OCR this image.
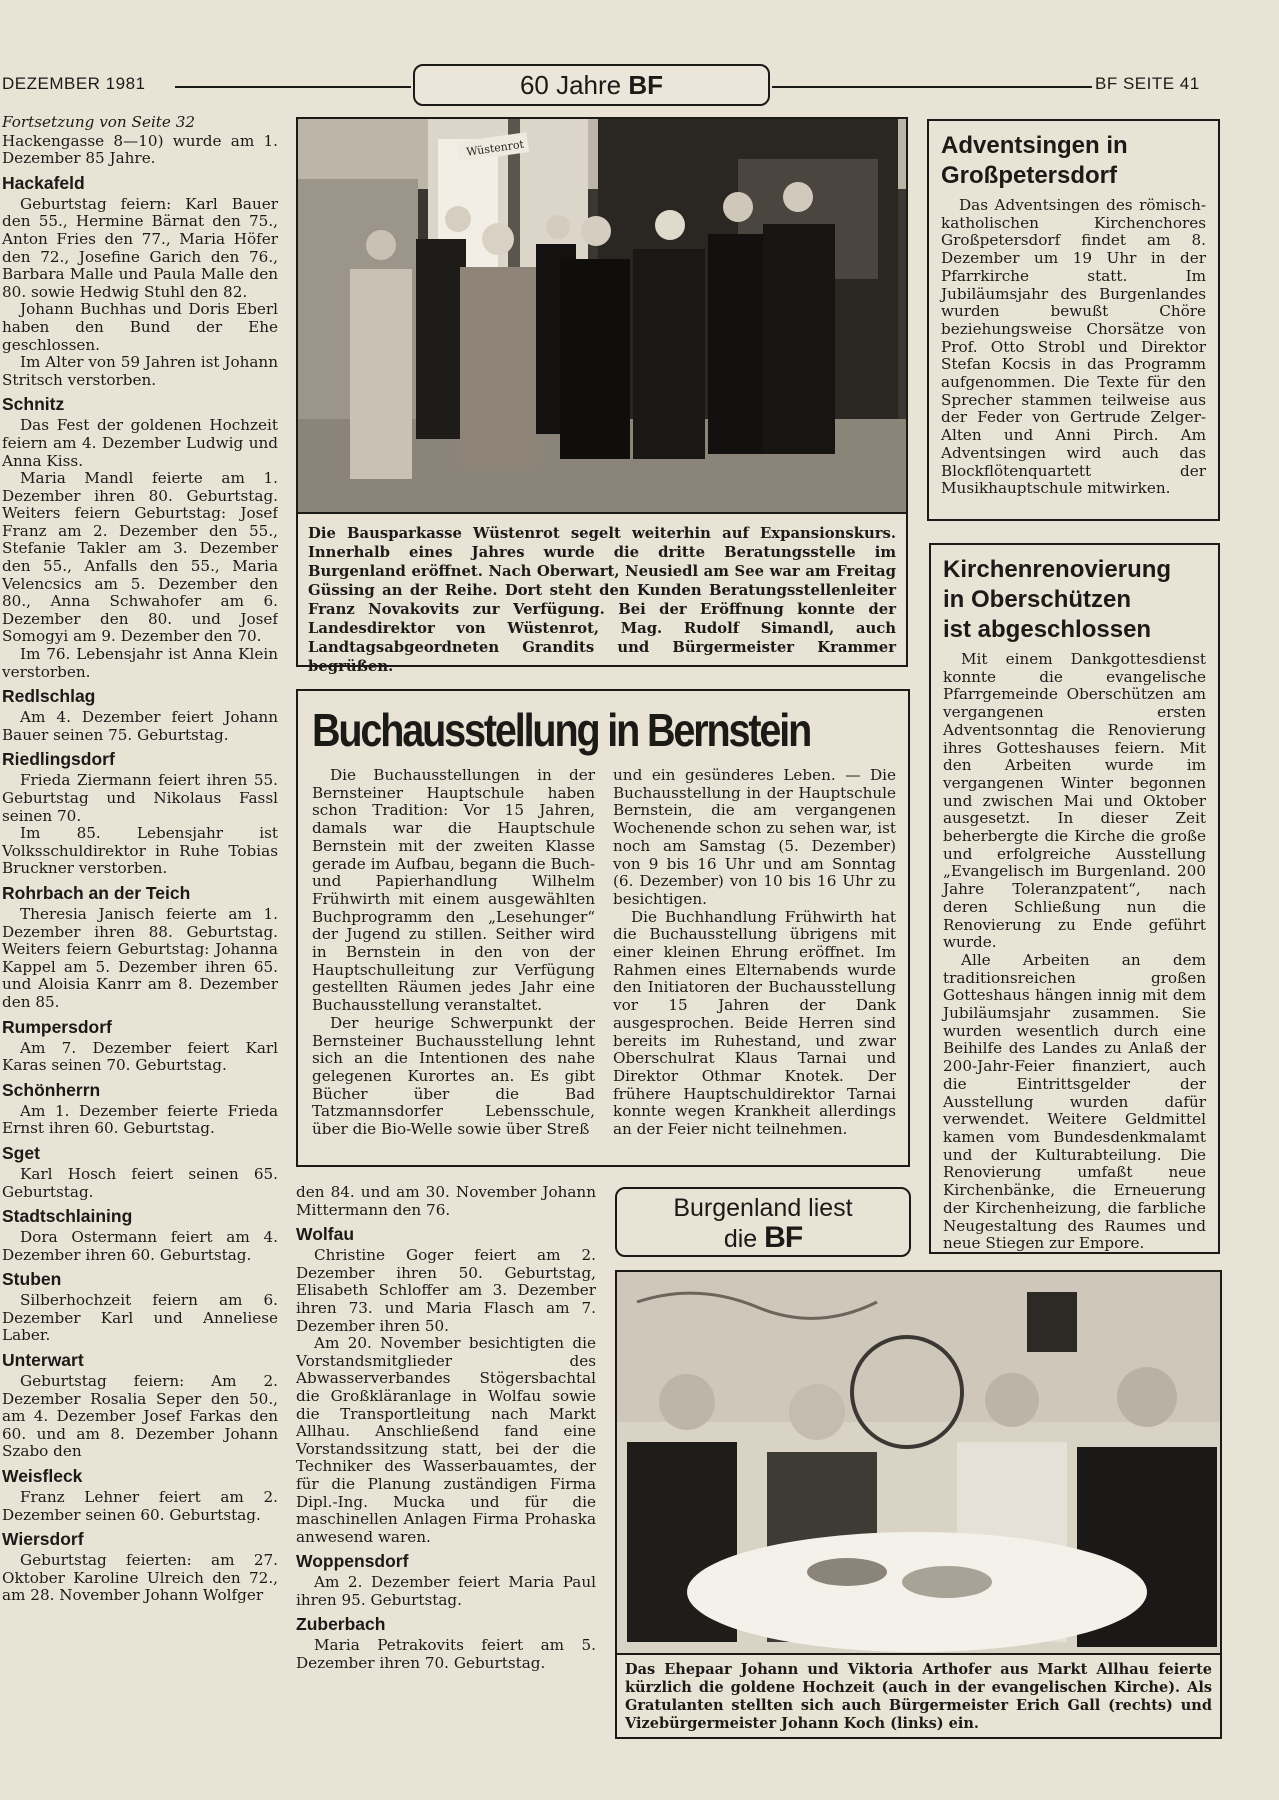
DEZEMBER 1981	60 Jahre BF	BF SEITE 41

Fortsetzung von Seite 32

Hackengasse 8—10) wurde am 1. Dezember 85 Jahre.

Hackafeld

Geburtstag feiern: Karl Bauer den 55., Hermine Bärnat den 75., Anton Fries den 77., Maria Höfer den 72., Josefine Garich den 76., Barbara Malle und Paula Malle den 80. sowie Hedwig Stuhl den 82.

Johann Buchhas und Doris Eberl haben den Bund der Ehe geschlossen.

Im Alter von 59 Jahren ist Johann Stritsch verstorben.

Schnitz

Das Fest der goldenen Hochzeit feiern am 4. Dezember Ludwig und Anna Kiss.

Maria Mandl feierte am 1. Dezember ihren 80. Geburtstag. Weiters feiern Geburtstag: Josef Franz am 2. Dezember den 55., Stefanie Takler am 3. Dezember den 55., Anfalls den 55., Maria Velencsics am 5. Dezember den 80., Anna Schwahofer am 6. Dezember den 80. und Josef Somogyi am 9. Dezember den 70.

Im 76. Lebensjahr ist Anna Klein verstorben.

Redlschlag

Am 4. Dezember feiert Johann Bauer seinen 75. Geburtstag.

Riedlingsdorf

Frieda Ziermann feiert ihren 55. Geburtstag und Nikolaus Fassl seinen 70.

Im 85. Lebensjahr ist Volksschuldirektor in Ruhe Tobias Bruckner verstorben.

Rohrbach an der Teich

Theresia Janisch feierte am 1. Dezember ihren 88. Geburtstag. Weiters feiern Geburtstag: Johanna Kappel am 5. Dezember ihren 65. und Aloisia Kanrr am 8. Dezember den 85.

Rumpersdorf

Am 7. Dezember feiert Karl Karas seinen 70. Geburtstag.

Schönherrn

Am 1. Dezember feierte Frieda Ernst ihren 60. Geburtstag.

Sget

Karl Hosch feiert seinen 65. Geburtstag.

Stadtschlaining

Dora Ostermann feiert am 4. Dezember ihren 60. Geburtstag.

Stuben

Silberhochzeit feiern am 6. Dezember Karl und Anneliese Laber.

Unterwart

Geburtstag feiern: Am 2. Dezember Rosalia Seper den 50., am 4. Dezember Josef Farkas den 60. und am 8. Dezember Johann Szabo den

Weisfleck

Franz Lehner feiert am 2. Dezember seinen 60. Geburtstag.

Wiersdorf

Geburtstag feierten: am 27. Oktober Karoline Ulreich den 72., am 28. November Johann Wolfger

Wüstenrot
Die Bausparkasse Wüstenrot segelt weiterhin auf Expansionskurs. Innerhalb eines Jahres wurde die dritte Beratungsstelle im Burgenland eröffnet. Nach Oberwart, Neusiedl am See war am Freitag Güssing an der Reihe. Dort steht den Kunden Beratungsstellenleiter Franz Novakovits zur Verfügung. Bei der Eröffnung konnte der Landesdirektor von Wüstenrot, Mag. Rudolf Simandl, auch Landtagsabgeordneten Grandits und Bürgermeister Krammer begrüßen.
Adventsingen in
Großpetersdorf

Das Adventsingen des römisch-katholischen Kirchenchores Großpetersdorf findet am 8. Dezember um 19 Uhr in der Pfarrkirche statt. Im Jubiläumsjahr des Burgenlandes wurden bewußt Chöre beziehungsweise Chorsätze von Prof. Otto Strobl und Direktor Stefan Kocsis in das Programm aufgenommen. Die Texte für den Sprecher stammen teilweise aus der Feder von Gertrude Zelger-Alten und Anni Pirch. Am Adventsingen wird auch das Blockflötenquartett der Musikhauptschule mitwirken.

Kirchenrenovierung
in Oberschützen
ist abgeschlossen

Mit einem Dankgottesdienst konnte die evangelische Pfarrgemeinde Oberschützen am vergangenen ersten Adventsonntag die Renovierung ihres Gotteshauses feiern. Mit den Arbeiten wurde im vergangenen Winter begonnen und zwischen Mai und Oktober ausgesetzt. In dieser Zeit beherbergte die Kirche die große und erfolgreiche Ausstellung „Evangelisch im Burgenland. 200 Jahre Toleranzpatent“, nach deren Schließung nun die Renovierung zu Ende geführt wurde.

Alle Arbeiten an dem traditionsreichen großen Gotteshaus hängen innig mit dem Jubiläumsjahr zusammen. Sie wurden wesentlich durch eine Beihilfe des Landes zu Anlaß der 200-Jahr-Feier finanziert, auch die Eintrittsgelder der Ausstellung wurden dafür verwendet. Weitere Geldmittel kamen vom Bundesdenkmalamt und der Kulturabteilung. Die Renovierung umfaßt neue Kirchenbänke, die Erneuerung der Kirchenheizung, die farbliche Neugestaltung des Raumes und neue Stiegen zur Empore.

Buchausstellung in Bernstein

Die Buchausstellungen in der Bernsteiner Hauptschule haben schon Tradition: Vor 15 Jahren, damals war die Hauptschule Bernstein mit der zweiten Klasse gerade im Aufbau, begann die Buch- und Papierhandlung Wilhelm Frühwirth mit einem ausgewählten Buchprogramm den „Lesehunger“ der Jugend zu stillen. Seither wird in Bernstein in den von der Hauptschulleitung zur Verfügung gestellten Räumen jedes Jahr eine Buchausstellung veranstaltet.

Der heurige Schwerpunkt der Bernsteiner Buchausstellung lehnt sich an die Intentionen des nahe gelegenen Kurortes an. Es gibt Bücher über die Bad Tatzmannsdorfer Lebensschule, über die Bio-Welle sowie über Streß

und ein gesünderes Leben. — Die Buchausstellung in der Hauptschule Bernstein, die am vergangenen Wochenende schon zu sehen war, ist noch am Samstag (5. Dezember) von 9 bis 16 Uhr und am Sonntag (6. Dezember) von 10 bis 16 Uhr zu besichtigen.

Die Buchhandlung Frühwirth hat die Buchausstellung übrigens mit einer kleinen Ehrung eröffnet. Im Rahmen eines Elternabends wurde den Initiatoren der Buchausstellung vor 15 Jahren der Dank ausgesprochen. Beide Herren sind bereits im Ruhestand, und zwar Oberschulrat Klaus Tarnai und Direktor Othmar Knotek. Der frühere Hauptschuldirektor Tarnai konnte wegen Krankheit allerdings an der Feier nicht teilnehmen.

den 84. und am 30. November Johann Mittermann den 76.

Wolfau

Christine Goger feiert am 2. Dezember ihren 50. Geburtstag, Elisabeth Schloffer am 3. Dezember ihren 73. und Maria Flasch am 7. Dezember ihren 50.

Am 20. November besichtigten die Vorstandsmitglieder des Abwasserverbandes Stögersbachtal die Großkläranlage in Wolfau sowie die Transportleitung nach Markt Allhau. Anschließend fand eine Vorstandssitzung statt, bei der die Techniker des Wasserbauamtes, der für die Planung zuständigen Firma Dipl.-Ing. Mucka und für die maschinellen Anlagen Firma Prohaska anwesend waren.

Woppensdorf

Am 2. Dezember feiert Maria Paul ihren 95. Geburtstag.

Zuberbach

Maria Petrakovits feiert am 5. Dezember ihren 70. Geburtstag.

Burgenland liest
die BF
Das Ehepaar Johann und Viktoria Arthofer aus Markt Allhau feierte kürzlich die goldene Hochzeit (auch in der evangelischen Kirche). Als Gratulanten stellten sich auch Bürgermeister Erich Gall (rechts) und Vizebürgermeister Johann Koch (links) ein.
